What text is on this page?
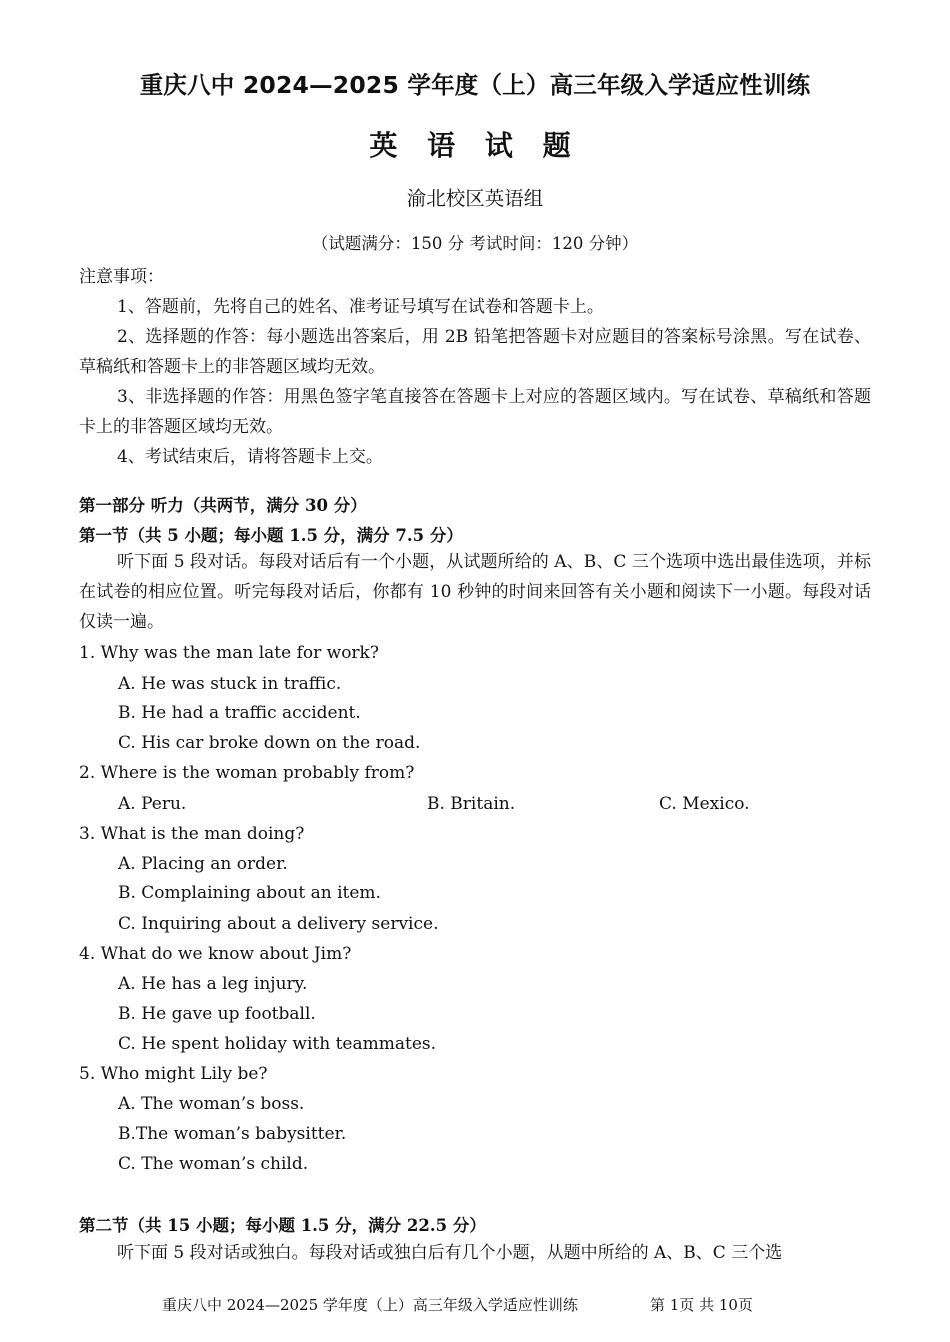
重庆八中 2024—2025 学年度（上）高三年级入学适应性训练
英 语 试 题
渝北校区英语组
（试题满分：150 分 考试时间：120 分钟）
注意事项：
1、答题前，先将自己的姓名、准考证号填写在试卷和答题卡上。
2、选择题的作答：每小题选出答案后，用 2B 铅笔把答题卡对应题目的答案标号涂黑。写在试卷、草稿纸和答题卡上的非答题区域均无效。
3、非选择题的作答：用黑色签字笔直接答在答题卡上对应的答题区域内。写在试卷、草稿纸和答题卡上的非答题区域均无效。
4、考试结束后，请将答题卡上交。
第一部分 听力（共两节，满分 30 分）
第一节（共 5 小题；每小题 1.5 分，满分 7.5 分）
听下面 5 段对话。每段对话后有一个小题，从试题所给的 A、B、C 三个选项中选出最佳选项，并标在试卷的相应位置。听完每段对话后，你都有 10 秒钟的时间来回答有关小题和阅读下一小题。每段对话仅读一遍。
1. Why was the man late for work?
A. He was stuck in traffic.
B. He had a traffic accident.
C. His car broke down on the road.
2. Where is the woman probably from?
A. Peru.	B. Britain.	C. Mexico.
3. What is the man doing?
A. Placing an order.
B. Complaining about an item.
C. Inquiring about a delivery service.
4. What do we know about Jim?
A. He has a leg injury.
B. He gave up football.
C. He spent holiday with teammates.
5. Who might Lily be?
A. The woman’s boss.
B.The woman’s babysitter.
C. The woman’s child.
第二节（共 15 小题；每小题 1.5 分，满分 22.5 分）
听下面 5 段对话或独白。每段对话或独白后有几个小题，从题中所给的 A、B、C 三个选
重庆八中 2024—2025 学年度（上）高三年级入学适应性训练	第 1页 共 10页
